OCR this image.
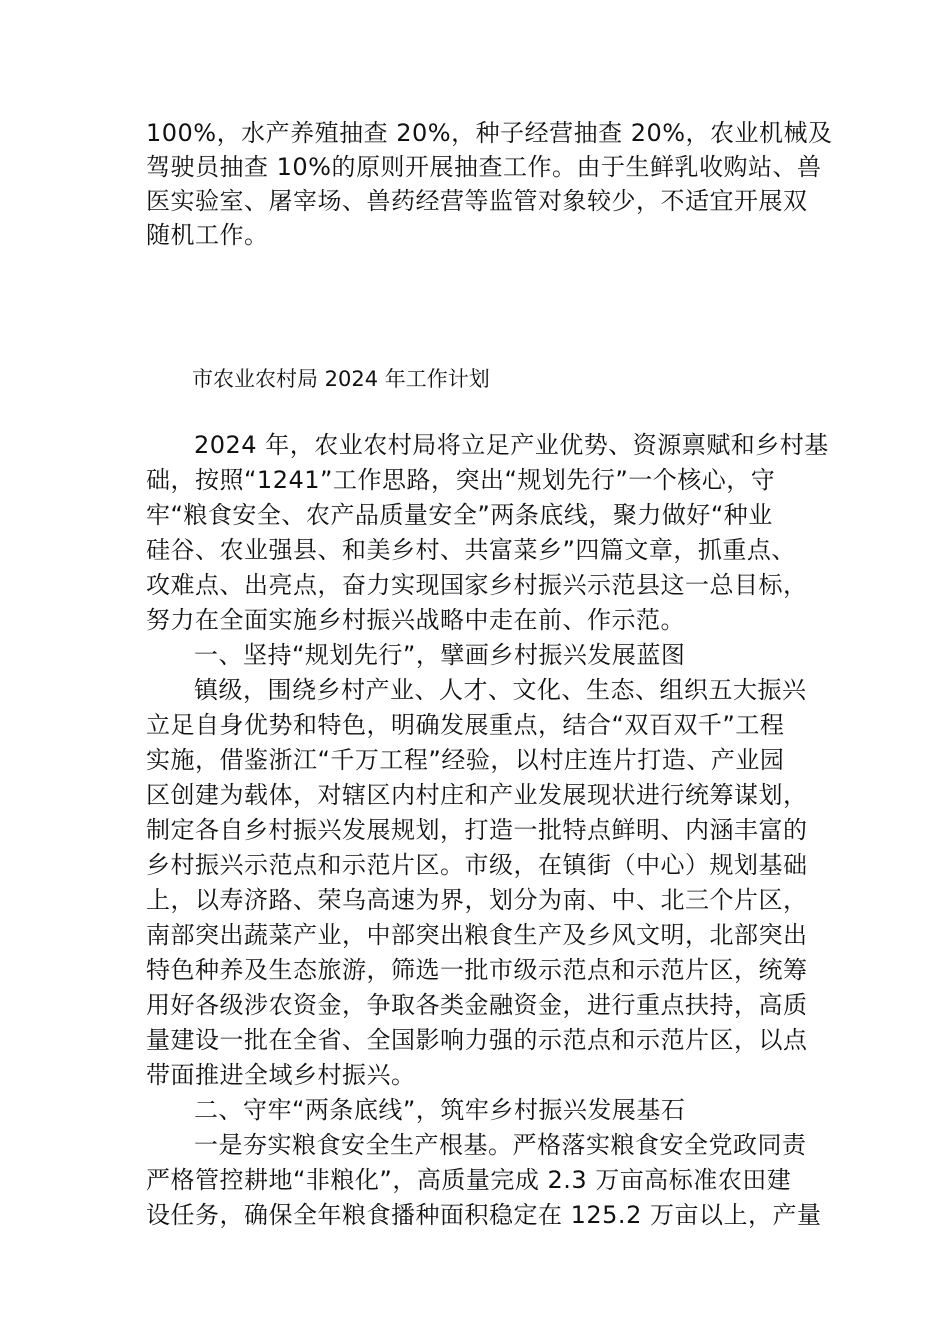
100%，水产养殖抽查 20%，种子经营抽查 20%，农业机械及
驾驶员抽查 10%的原则开展抽查工作。由于生鲜乳收购站、兽
医实验室、屠宰场、兽药经营等监管对象较少，不适宜开展双
随机工作。
市农业农村局 2024 年工作计划
2024 年，农业农村局将立足产业优势、资源禀赋和乡村基
础，按照“1241”工作思路，突出“规划先行”一个核心，守
牢“粮食安全、农产品质量安全”两条底线，聚力做好“种业
硅谷、农业强县、和美乡村、共富菜乡”四篇文章，抓重点、
攻难点、出亮点，奋力实现国家乡村振兴示范县这一总目标，
努力在全面实施乡村振兴战略中走在前、作示范。
一、坚持“规划先行”，擘画乡村振兴发展蓝图
镇级，围绕乡村产业、人才、文化、生态、组织五大振兴
立足自身优势和特色，明确发展重点，结合“双百双千”工程
实施，借鉴浙江“千万工程”经验，以村庄连片打造、产业园
区创建为载体，对辖区内村庄和产业发展现状进行统筹谋划，
制定各自乡村振兴发展规划，打造一批特点鲜明、内涵丰富的
乡村振兴示范点和示范片区。市级，在镇街（中心）规划基础
上，以寿济路、荣乌高速为界，划分为南、中、北三个片区，
南部突出蔬菜产业，中部突出粮食生产及乡风文明，北部突出
特色种养及生态旅游，筛选一批市级示范点和示范片区，统筹
用好各级涉农资金，争取各类金融资金，进行重点扶持，高质
量建设一批在全省、全国影响力强的示范点和示范片区，以点
带面推进全域乡村振兴。
二、守牢“两条底线”，筑牢乡村振兴发展基石
一是夯实粮食安全生产根基。严格落实粮食安全党政同责
严格管控耕地“非粮化”，高质量完成 2.3 万亩高标准农田建
设任务，确保全年粮食播种面积稳定在 125.2 万亩以上，产量
